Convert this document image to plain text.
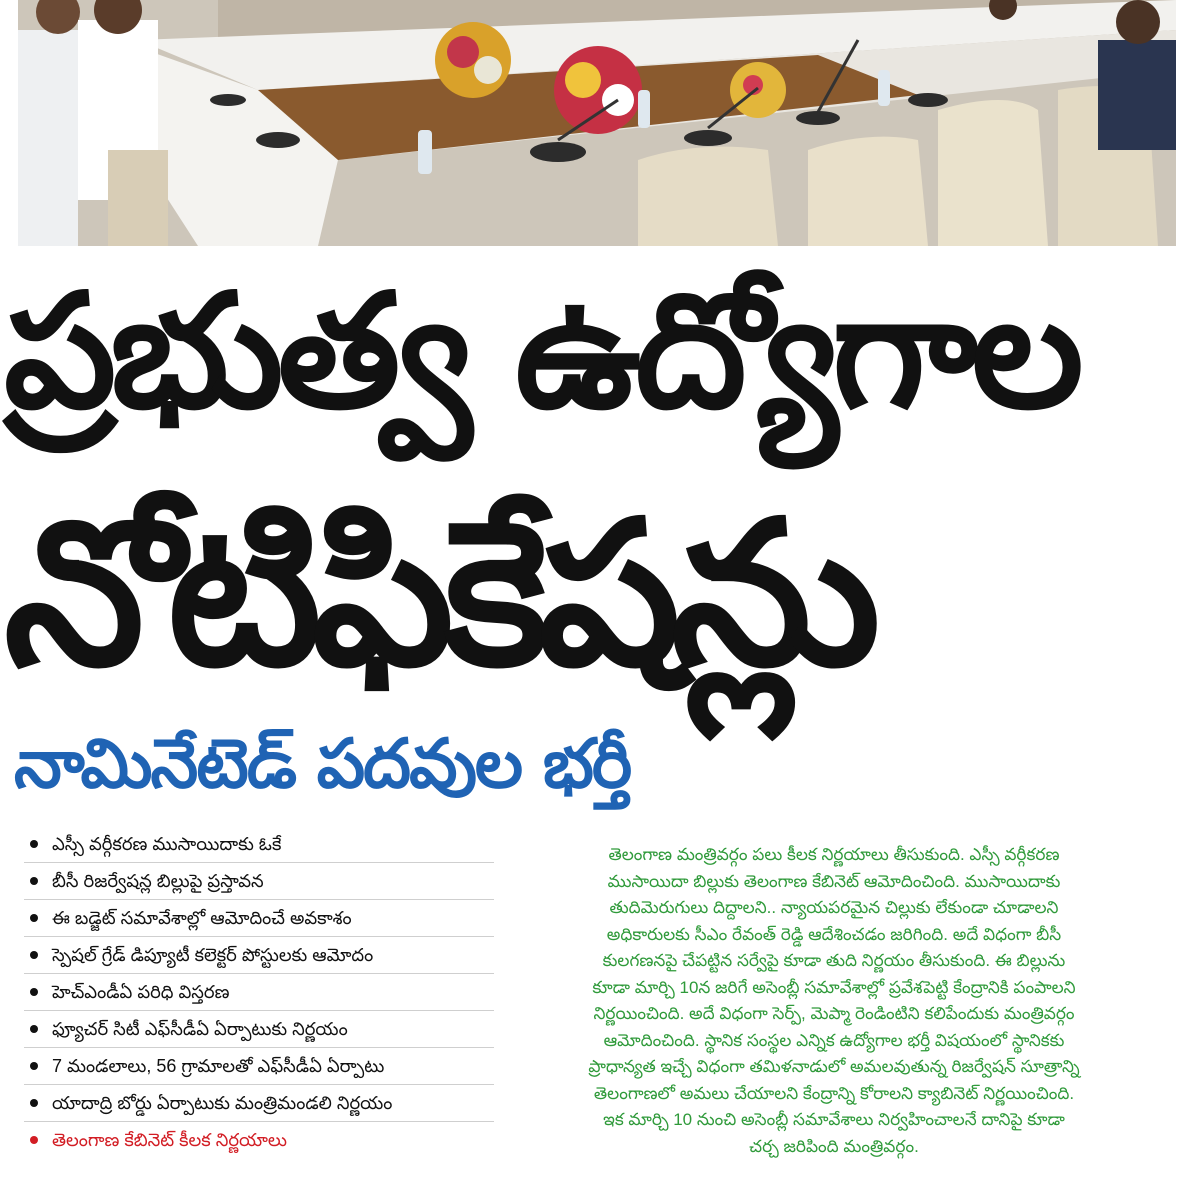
ప్రభుత్వ ఉద్యోగాల
నోటిఫికేషన్లు
నామినేటెడ్ పదవుల భర్తీ
ఎస్సీ వర్గీకరణ ముసాయిదాకు ఓకే
బీసీ రిజర్వేషన్ల బిల్లుపై ప్రస్తావన
ఈ బడ్జెట్ సమావేశాల్లో ఆమోదించే అవకాశం
స్పెషల్ గ్రేడ్ డిప్యూటీ కలెక్టర్ పోస్టులకు ఆమోదం
హెచ్ఎండీఏ పరిధి విస్తరణ
ఫ్యూచర్ సిటీ ఎఫ్‌సీడీఏ ఏర్పాటుకు నిర్ణయం
7 మండలాలు, 56 గ్రామాలతో ఎఫ్‌సీడీఏ ఏర్పాటు
యాదాద్రి బోర్డు ఏర్పాటుకు మంత్రిమండలి నిర్ణయం
తెలంగాణ కేబినెట్ కీలక నిర్ణయాలు
తెలంగాణ మంత్రివర్గం పలు కీలక నిర్ణయాలు తీసుకుంది. ఎస్సీ వర్గీకరణ
ముసాయిదా బిల్లుకు తెలంగాణ కేబినెట్ ఆమోదించింది. ముసాయిదాకు
తుదిమెరుగులు దిద్దాలని.. న్యాయపరమైన చిల్లుకు లేకుండా చూడాలని
అధికారులకు సీఎం రేవంత్ రెడ్డి ఆదేశించడం జరిగింది. అదే విధంగా బీసీ
కులగణనపై చేపట్టిన సర్వేపై కూడా తుది నిర్ణయం తీసుకుంది. ఈ బిల్లును
కూడా మార్చి 10న జరిగే అసెంబ్లీ సమావేశాల్లో ప్రవేశపెట్టి కేంద్రానికి పంపాలని
నిర్ణయించింది. అదే విధంగా సెర్ప్, మెప్మా రెండింటిని కలిపేందుకు మంత్రివర్గం
ఆమోదించింది. స్థానిక సంస్థల ఎన్నిక ఉద్యోగాల భర్తీ విషయంలో స్థానికకు
ప్రాధాన్యత ఇచ్చే విధంగా తమిళనాడులో అమలవుతున్న రిజర్వేషన్ సూత్రాన్ని
తెలంగాణలో అమలు చేయాలని కేంద్రాన్ని కోరాలని క్యాబినెట్ నిర్ణయించింది.
ఇక మార్చి 10 నుంచి అసెంబ్లీ సమావేశాలు నిర్వహించాలనే దానిపై కూడా
చర్చ జరిపింది మంత్రివర్గం.
